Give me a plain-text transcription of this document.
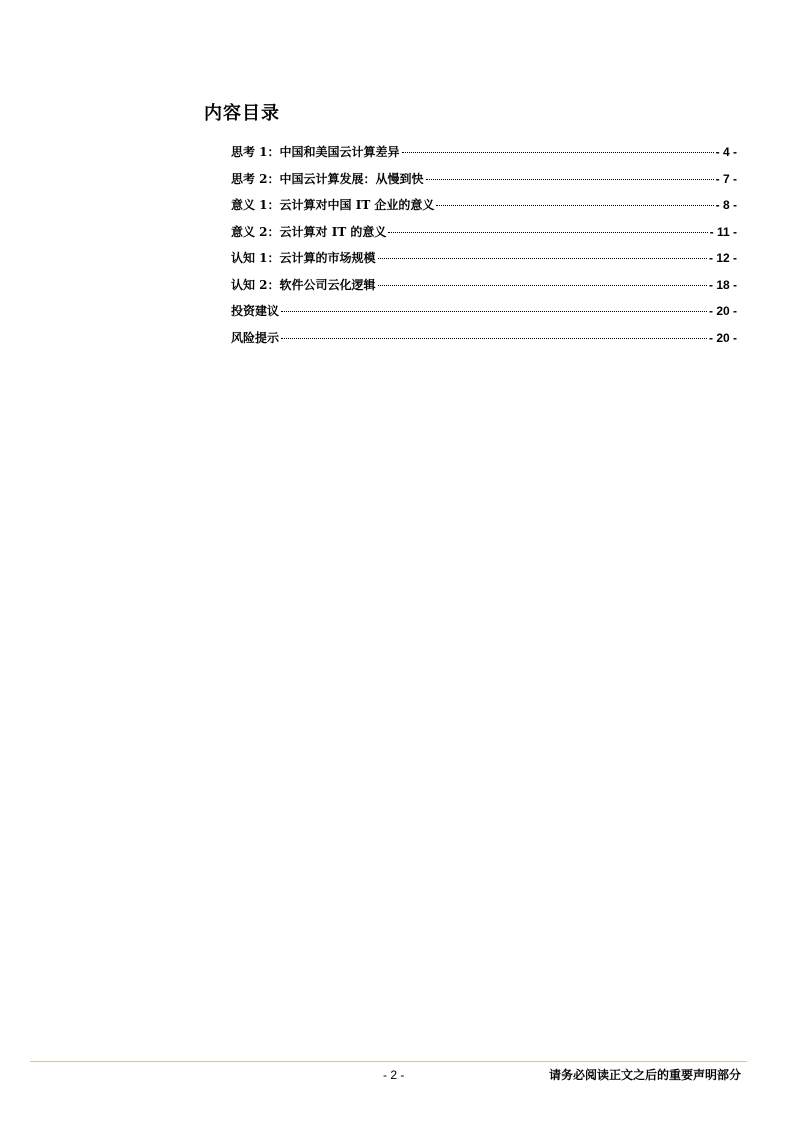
内容目录
思考 1：中国和美国云计算差异	- 4 -
思考 2：中国云计算发展：从慢到快	- 7 -
意义 1：云计算对中国 IT 企业的意义	- 8 -
意义 2：云计算对 IT 的意义	- 11 -
认知 1：云计算的市场规模	- 12 -
认知 2：软件公司云化逻辑	- 18 -
投资建议	- 20 -
风险提示	- 20 -
- 2 -	请务必阅读正文之后的重要声明部分
